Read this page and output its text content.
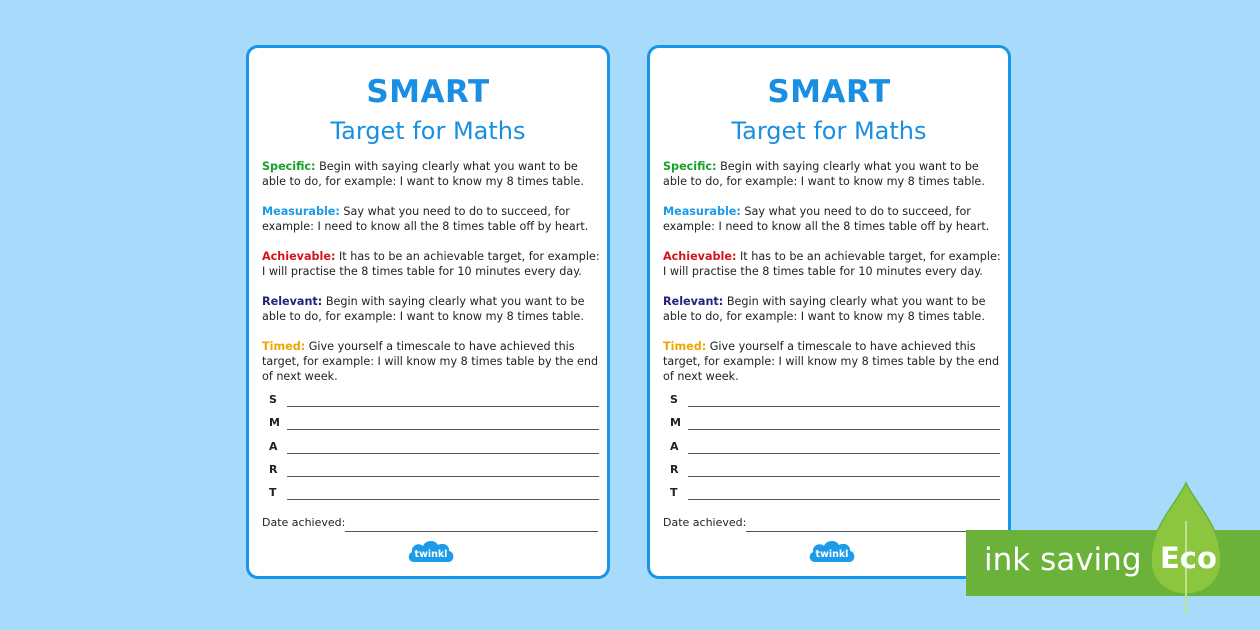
SMART
Target for Maths
Specific: Begin with saying clearly what you want to be able to do, for example: I want to know my 8 times table.
Measurable: Say what you need to do to succeed, for example: I need to know all the 8 times table off by heart.
Achievable: It has to be an achievable target, for example: I will practise the 8 times table for 10 minutes every day.
Relevant: Begin with saying clearly what you want to be able to do, for example: I want to know my 8 times table.
Timed: Give yourself a timescale to have achieved this target, for example: I will know my 8 times table by the end of next week.
S
M
A
R
T
Date achieved:
twinkl
SMART
Target for Maths
Specific: Begin with saying clearly what you want to be able to do, for example: I want to know my 8 times table.
Measurable: Say what you need to do to succeed, for example: I need to know all the 8 times table off by heart.
Achievable: It has to be an achievable target, for example: I will practise the 8 times table for 10 minutes every day.
Relevant: Begin with saying clearly what you want to be able to do, for example: I want to know my 8 times table.
Timed: Give yourself a timescale to have achieved this target, for example: I will know my 8 times table by the end of next week.
S
M
A
R
T
Date achieved:
twinkl	ink saving Eco
